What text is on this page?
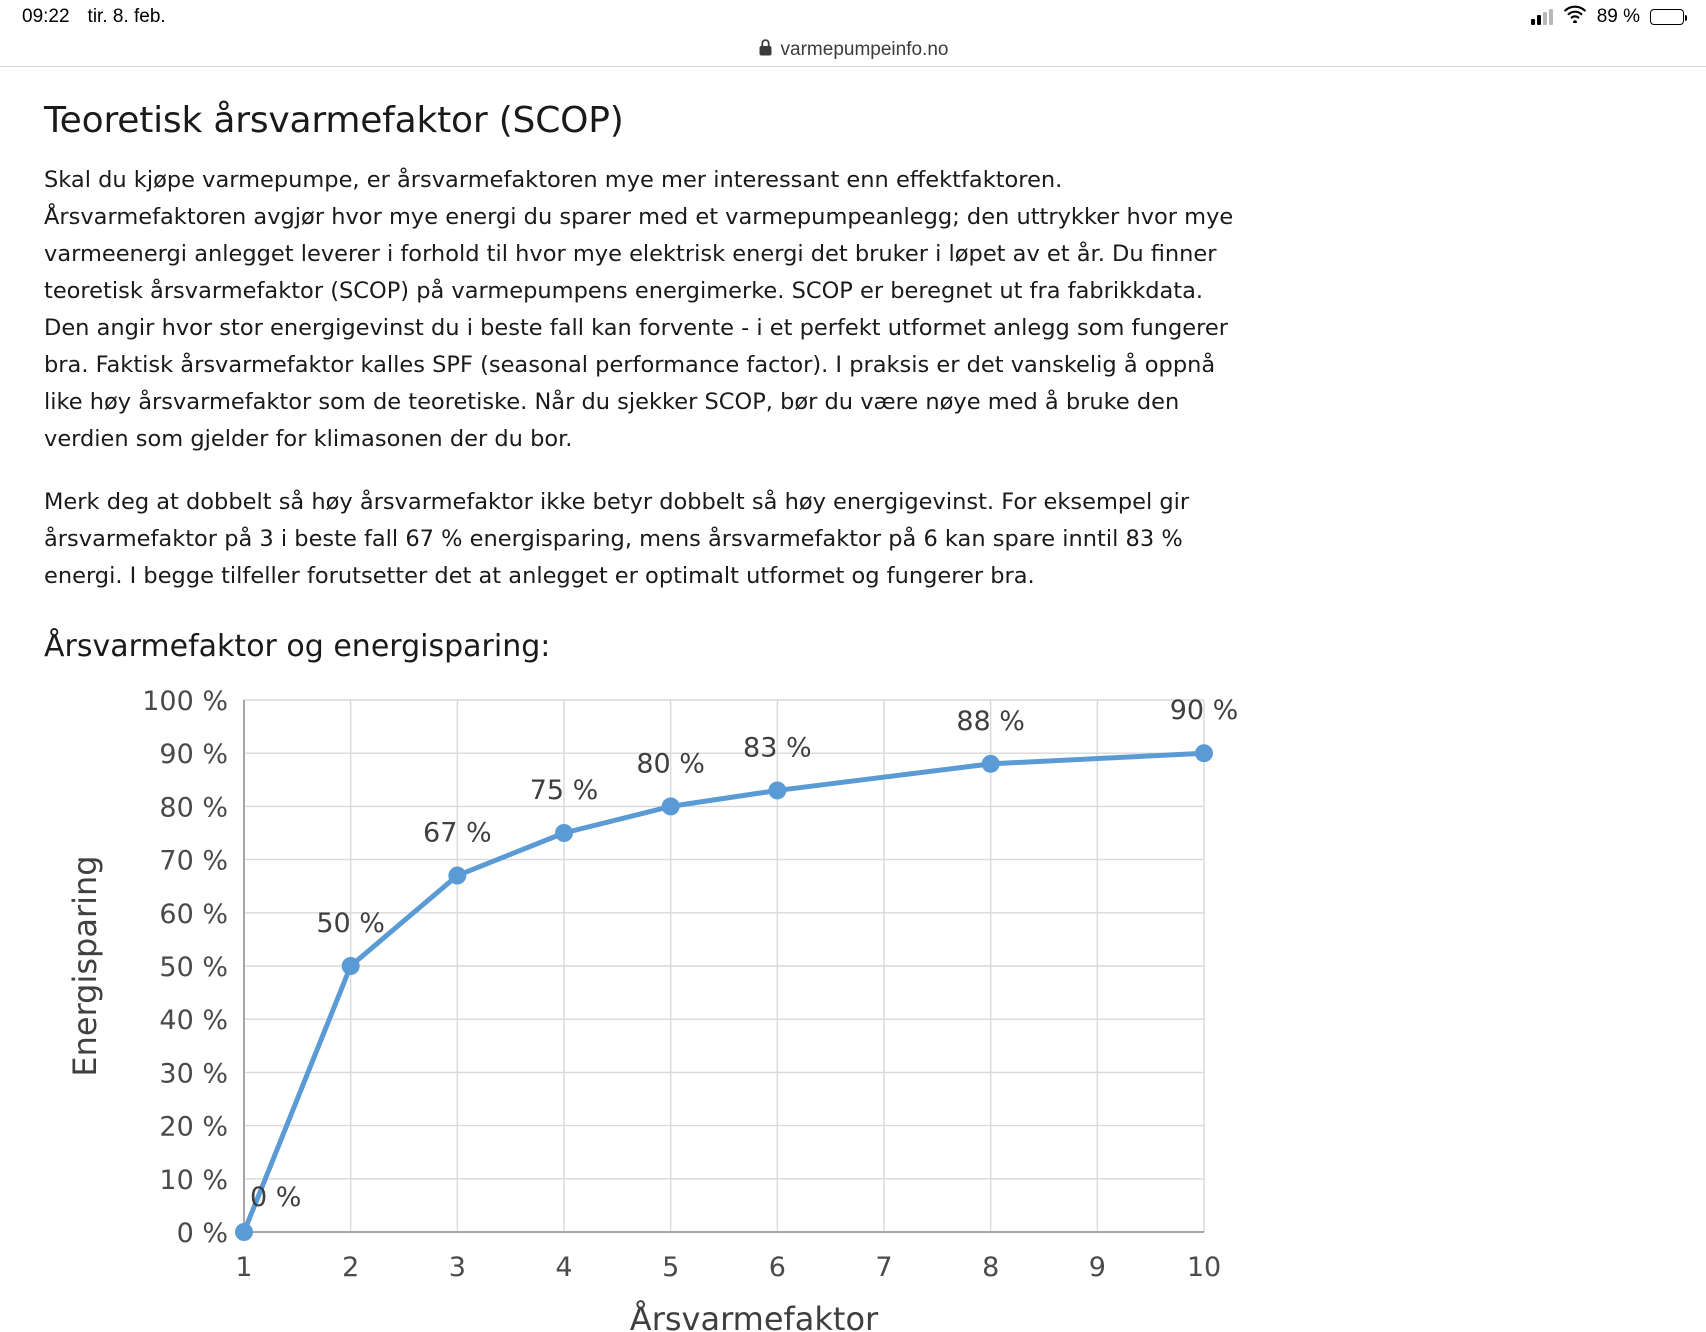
09:22 tir. 8. feb.	89 %
varmepumpeinfo.no
Teoretisk årsvarmefaktor (SCOP)

Skal du kjøpe varmepumpe, er årsvarmefaktoren mye mer interessant enn effektfaktoren. Årsvarmefaktoren avgjør hvor mye energi du sparer med et varmepumpeanlegg; den uttrykker hvor mye varmeenergi anlegget leverer i forhold til hvor mye elektrisk energi det bruker i løpet av et år. Du finner teoretisk årsvarmefaktor (SCOP) på varmepumpens energimerke. SCOP er beregnet ut fra fabrikkdata. Den angir hvor stor energigevinst du i beste fall kan forvente - i et perfekt utformet anlegg som fungerer bra. Faktisk årsvarmefaktor kalles SPF (seasonal performance factor). I praksis er det vanskelig å oppnå like høy årsvarmefaktor som de teoretiske. Når du sjekker SCOP, bør du være nøye med å bruke den verdien som gjelder for klimasonen der du bor.

Merk deg at dobbelt så høy årsvarmefaktor ikke betyr dobbelt så høy energigevinst. For eksempel gir årsvarmefaktor på 3 i beste fall 67 % energisparing, mens årsvarmefaktor på 6 kan spare inntil 83 % energi. I begge tilfeller forutsetter det at anlegget er optimalt utformet og fungerer bra.

Årsvarmefaktor og energisparing:
0 %
10 %
20 %
30 %
40 %
50 %
60 %
70 %
80 %
90 %
100 %
1	2	3	4	5	6	7	8	9	10
Årsvarmefaktor
Energisparing
0 %
50 %
67 %
75 %
80 %
83 %
88 %	90 %
